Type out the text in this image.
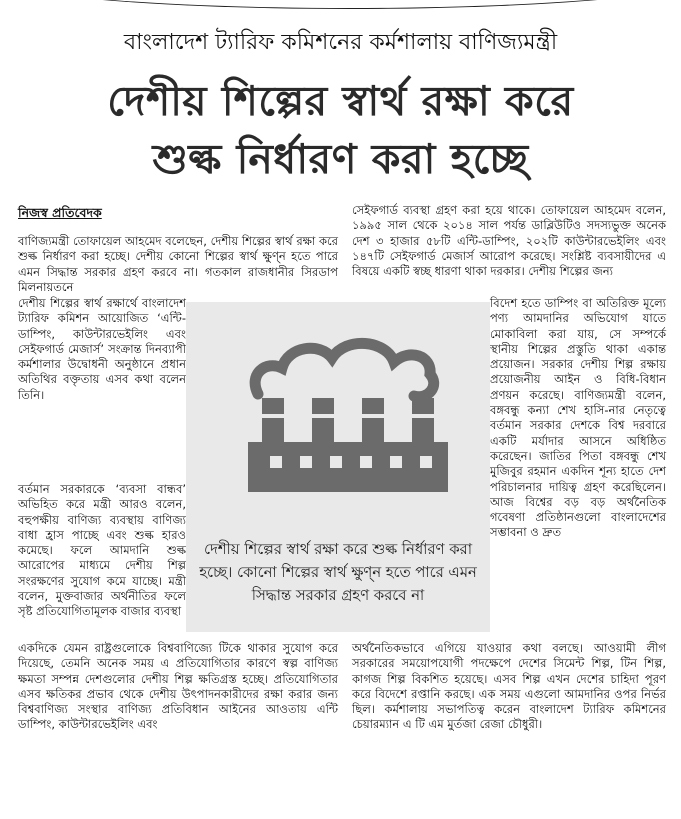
বাংলাদেশ ট্যারিফ কমিশনের কর্মশালায় বাণিজ্যমন্ত্রী
দেশীয় শিল্পের স্বার্থ রক্ষা করে
শুল্ক নির্ধারণ করা হচ্ছে
নিজস্ব প্রতিবেদক
বাণিজ্যমন্ত্রী তোফায়েল আহমেদ বলেছেন, দেশীয় শিল্পের স্বার্থ রক্ষা করে শুল্ক নির্ধারণ করা হচ্ছে। দেশীয় কোনো শিল্পের স্বার্থ ক্ষুণ্ন হতে পারে এমন সিদ্ধান্ত সরকার গ্রহণ করবে না। গতকাল রাজধানীর সিরডাপ মিলনায়তনে
দেশীয় শিল্পের স্বার্থ রক্ষার্থে বাংলাদেশ ট্যারিফ কমিশন আয়োজিত ‘এন্টি-ডাম্পিং, কাউন্টারভেইলিং এবং সেইফগার্ড মেজার্স’ সংক্রান্ত দিনব্যাপী কর্মশালার উদ্বোধনী অনুষ্ঠানে প্রধান অতিথির বক্তৃতায় এসব কথা বলেন তিনি।
বর্তমান সরকারকে ‘ব্যবসা বান্ধব’ অভিহিত করে মন্ত্রী আরও বলেন, বহুপক্ষীয় বাণিজ্য ব্যবস্থায় বাণিজ্য বাধা হ্রাস পাচ্ছে এবং শুল্ক হারও কমেছে। ফলে আমদানি শুল্ক আরোপের মাধ্যমে দেশীয় শিল্প সংরক্ষণের সুযোগ কমে যাচ্ছে। মন্ত্রী বলেন, মুক্তবাজার অর্থনীতির ফলে সৃষ্ট প্রতিযোগিতামূলক বাজার ব্যবস্থা
একদিকে যেমন রাষ্ট্রগুলোকে বিশ্ববাণিজ্যে টিকে থাকার সুযোগ করে দিয়েছে, তেমনি অনেক সময় এ প্রতিযোগিতার কারণে স্বল্প বাণিজ্য ক্ষমতা সম্পন্ন দেশগুলোর দেশীয় শিল্প ক্ষতিগ্রস্ত হচ্ছে। প্রতিযোগিতার এসব ক্ষতিকর প্রভাব থেকে দেশীয় উৎপাদনকারীদের রক্ষা করার জন্য বিশ্ববাণিজ্য সংস্থার বাণিজ্য প্রতিবিধান আইনের আওতায় এন্টি ডাম্পিং, কাউন্টারভেইলিং এবং
সেইফগার্ড ব্যবস্থা গ্রহণ করা হয়ে থাকে। তোফায়েল আহমেদ বলেন, ১৯৯৫ সাল থেকে ২০১৪ সাল পর্যন্ত ডাব্লিউটিও সদস্যভুক্ত অনেক দেশ ৩ হাজার ৫৮টি এন্টি-ডাম্পিং, ২০২টি কাউন্টারভেইলিং এবং ১৪৭টি সেইফগার্ড মেজার্স আরোপ করেছে। সংশ্লিষ্ট ব্যবসায়ীদের এ বিষয়ে একটি স্বচ্ছ ধারণা থাকা দরকার। দেশীয় শিল্পের জন্য
বিদেশ হতে ডাম্পিং বা অতিরিক্ত মূল্যে পণ্য আমদানির অভিযোগ যাতে মোকাবিলা করা যায়, সে সম্পর্কে স্থানীয় শিল্পের প্রস্তুতি থাকা একান্ত প্রয়োজন। সরকার দেশীয় শিল্প রক্ষায় প্রয়োজনীয় আইন ও বিধি-বিধান প্রণয়ন করেছে। বাণিজ্যমন্ত্রী বলেন, বঙ্গবন্ধু কন্যা শেখ হাসি-নার নেতৃত্বে বর্তমান সরকার দেশকে বিশ্ব দরবারে একটি মর্যাদার আসনে অধিষ্ঠিত করেছেন। জাতির পিতা বঙ্গবন্ধু শেখ মুজিবুর রহমান একদিন শূন্য হাতে দেশ পরিচালনার দায়িত্ব গ্রহণ করেছিলেন। আজ বিশ্বের বড় বড় অর্থনৈতিক গবেষণা প্রতিষ্ঠানগুলো বাংলাদেশের সম্ভাবনা ও দ্রুত
অর্থনৈতিকভাবে এগিয়ে যাওয়ার কথা বলছে। আওয়ামী লীগ সরকারের সময়োপযোগী পদক্ষেপে দেশের সিমেন্ট শিল্প, টিন শিল্প, কাগজ শিল্প বিকশিত হয়েছে। এসব শিল্প এখন দেশের চাহিদা পূরণ করে বিদেশে রপ্তানি করছে। এক সময় এগুলো আমদানির ওপর নির্ভর ছিল। কর্মশালায় সভাপতিত্ব করেন বাংলাদেশ ট্যারিফ কমিশনের চেয়ারম্যান এ টি এম মুর্তজা রেজা চৌধুরী।
দেশীয় শিল্পের স্বার্থ রক্ষা করে শুল্ক নির্ধারণ করা হচ্ছে। কোনো শিল্পের স্বার্থ ক্ষুণ্ন হতে পারে এমন সিদ্ধান্ত সরকার গ্রহণ করবে না
